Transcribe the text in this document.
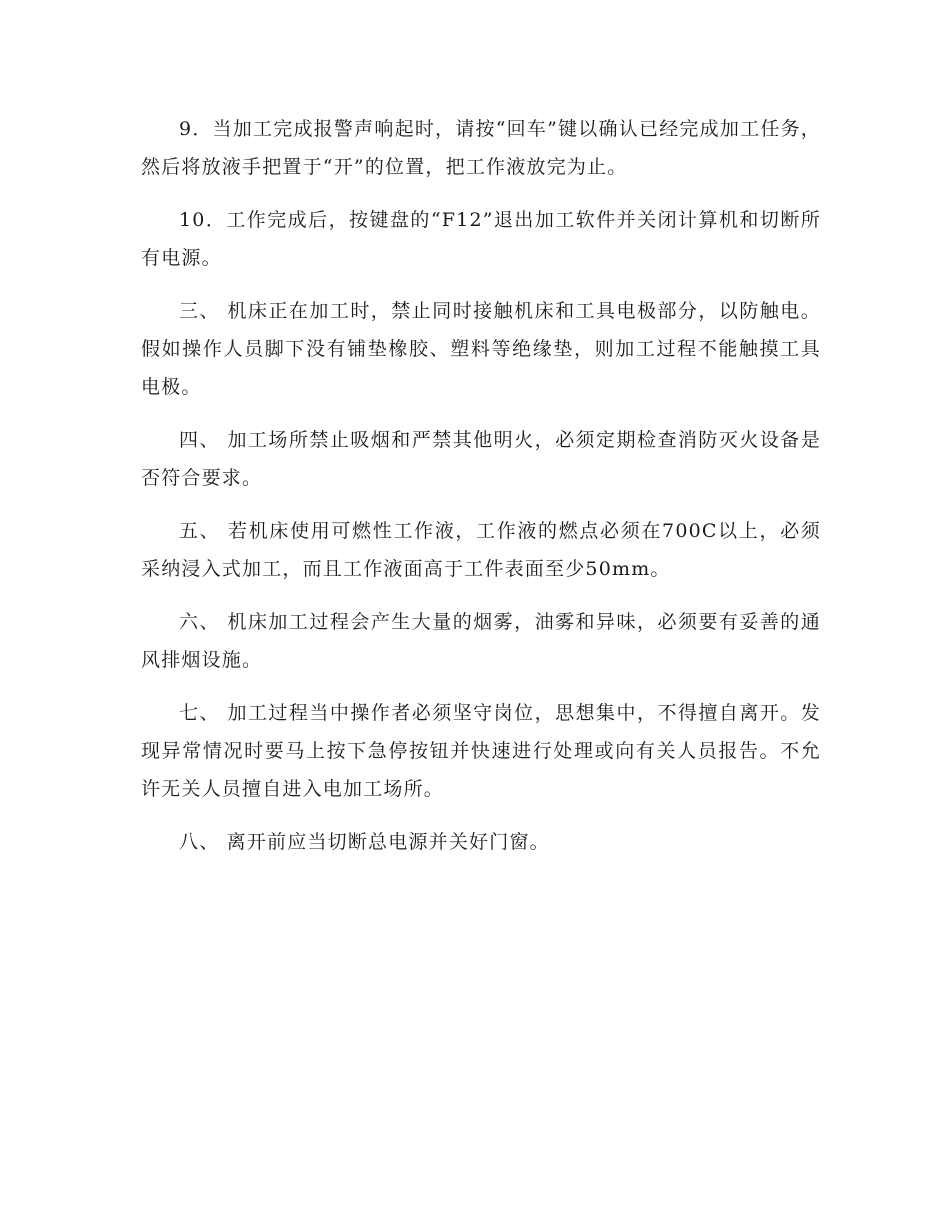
9．当加工完成报警声响起时，请按“回车”键以确认已经完成加工任务，然后将放液手把置于“开”的位置，把工作液放完为止。

10．工作完成后，按键盘的“F12”退出加工软件并关闭计算机和切断所有电源。

三、 机床正在加工时，禁止同时接触机床和工具电极部分，以防触电。假如操作人员脚下没有铺垫橡胶、塑料等绝缘垫，则加工过程不能触摸工具电极。

四、 加工场所禁止吸烟和严禁其他明火，必须定期检查消防灭火设备是否符合要求。

五、 若机床使用可燃性工作液，工作液的燃点必须在700C以上，必须采纳浸入式加工，而且工作液面高于工件表面至少50mm。

六、 机床加工过程会产生大量的烟雾，油雾和异味，必须要有妥善的通风排烟设施。

七、 加工过程当中操作者必须坚守岗位，思想集中，不得擅自离开。发现异常情况时要马上按下急停按钮并快速进行处理或向有关人员报告。不允许无关人员擅自进入电加工场所。

八、 离开前应当切断总电源并关好门窗。
